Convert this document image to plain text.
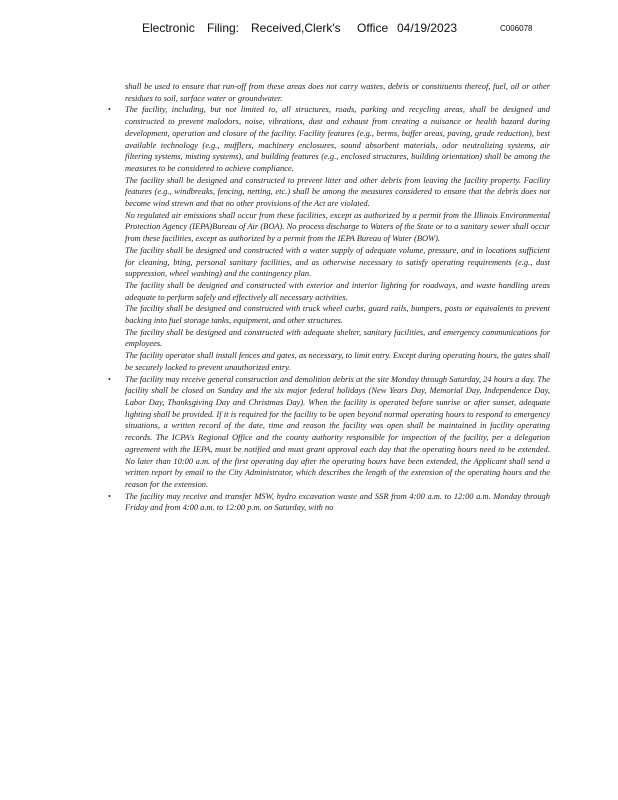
Electronic Filing: Received,Clerk's Office 04/19/2023	C006078

shall be used to ensure that run-off from these areas does not carry wastes, debris or constituents thereof, fuel, oil or other residues to soil, surface water or groundwater.

• The facility, including, but not limited to, all structures, roads, parking and recycling areas, shall be designed and constructed to prevent malodors, noise, vibrations, dust and exhaust from creating a nuisance or health hazard during development, operation and closure of the facility. Facility features (e.g., berms, buffer areas, paving, grade reduction), best available technology (e.g., mufflers, machinery enclosures, sound absorbent materials, odor neutralizing systems, air filtering systems, misting systems), and building features (e.g., enclosed structures, building orientation) shall be among the measures to be considered to achieve compliance.

The facility shall be designed and constructed to prevent litter and other debris from leaving the facility property. Facility features (e.g., windbreaks, fencing, netting, etc.) shall be among the measures considered to ensure that the debris does not become wind strewn and that no other provisions of the Act are violated.

No regulated air emissions shall occur from these facilities, except as authorized by a permit from the Illinois Environmental Protection Agency (IEPA)Bureau of Air (BOA). No process discharge to Waters of the State or to a sanitary sewer shall occur from these facilities, except as authorized by a permit from the IEPA Bureau of Water (BOW).

The facility shall be designed and constructed with a water supply of adequate volume, pressure, and in locations sufficient for cleaning, bting, personal sanitary facilities, and as otherwise necessary to satisfy operating requirements (e.g., dust suppression, wheel washing) and the contingency plan.

The facility shall be designed and constructed with exterior and interior lighting for roadways, and waste handling areas adequate to perform safely and effectively all necessary activities.

The facility shall be designed and constructed with truck wheel curbs, guard rails, bumpers, posts or equivalents to prevent backing into fuel storage tanks, equipment, and other structures.

The facility shall be designed and constructed with adequate shelter, sanitary facilities, and emergency communications for employees.

The facility operator shall install fences and gates, as necessary, to limit entry. Except during operating hours, the gates shall be securely locked to prevent unauthorized entry.

• The facility may receive general construction and demolition debris at the site Monday through Saturday, 24 hours a day. The facility shall be closed on Sunday and the six major federal holidays (New Years Day, Memorial Day, Independence Day, Labor Day, Thanksgiving Day and Christmas Day). When the facility is operated before sunrise or after sunset, adequate lighting shall be provided. If it is required for the facility to be open beyond normal operating hours to respond to emergency situations, a written record of the date, time and reason the facility was open shall be maintained in facility operating records. The ICPA's Regional Office and the county authority responsible for inspection of the facility, per a delegation agreement with the IEPA, must be notified and must grant approval each day that the operating hours need to be extended. No later than 10:00 a.m. of the first operating day after the operating hours have been extended, the Applicant shall send a written report by email to the City Administrator, which describes the length of the extension of the operating hours and the reason for the extension.

• The facility may receive and transfer MSW, hydro excavation waste and SSR from 4:00 a.m. to 12:00 a.m. Monday through Friday and from 4:00 a.m. to 12:00 p.m. on Saturday, with no
